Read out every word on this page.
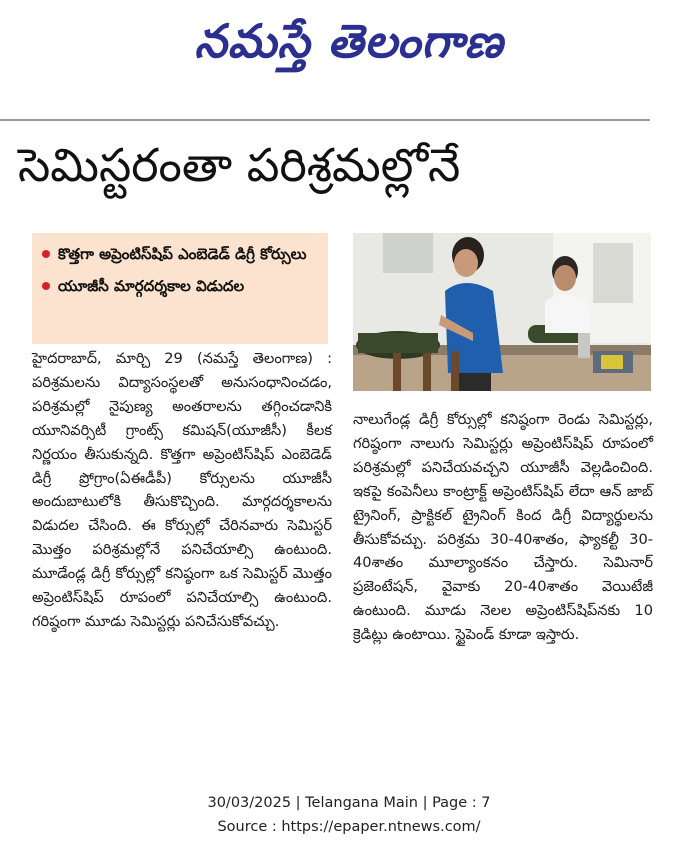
నమస్తే తెలంగాణ
సెమిస్టరంతా పరిశ్రమల్లోనే
కొత్తగా అప్రెంటిస్‌షిప్ ఎంబెడెడ్ డిగ్రీ కోర్సులు
యూజీసీ మార్గదర్శకాల విడుదల
హైదరాబాద్, మార్చి 29 (నమస్తే తెలంగాణ) : పరిశ్రమలను విద్యాసంస్థలతో అనుసంధానించడం, పరిశ్రమల్లో నైపుణ్య అంతరాలను తగ్గించడానికి యూనివర్సిటీ గ్రాంట్స్ కమిషన్(యూజీసీ) కీలక నిర్ణయం తీసుకున్నది. కొత్తగా అప్రెంటిస్‌షిప్ ఎంబెడెడ్ డిగ్రీ ప్రోగ్రాం(ఏఈడీపీ) కోర్సులను యూజీసీ అందుబాటులోకి తీసుకొచ్చింది. మార్గదర్శకాలను విడుదల చేసింది. ఈ కోర్సుల్లో చేరినవారు సెమిస్టర్ మొత్తం పరిశ్రమల్లోనే పనిచేయాల్సి ఉంటుంది. మూడేండ్ల డిగ్రీ కోర్సుల్లో కనిష్ఠంగా ఒక సెమిస్టర్ మొత్తం అప్రెంటిస్‌షిప్ రూపంలో పనిచేయాల్సి ఉంటుంది. గరిష్ఠంగా మూడు సెమిస్టర్లు పనిచేసుకోవచ్చు.
నాలుగేండ్ల డిగ్రీ కోర్సుల్లో కనిష్ఠంగా రెండు సెమిస్టర్లు, గరిష్ఠంగా నాలుగు సెమిస్టర్లు అప్రెంటిస్‌షిప్ రూపంలో పరిశ్రమల్లో పనిచేయవచ్చని యూజీసీ వెల్లడించింది. ఇకపై కంపెనీలు కాంట్రాక్ట్ అప్రెంటిస్‌షిప్ లేదా ఆన్ జాబ్ ట్రైనింగ్, ప్రాక్టికల్ ట్రైనింగ్ కింద డిగ్రీ విద్యార్థులను తీసుకోవచ్చు. పరిశ్రమ 30-40శాతం, ఫ్యాకల్టీ 30-40శాతం మూల్యాంకనం చేస్తారు. సెమినార్ ప్రజెంటేషన్, వైవాకు 20-40శాతం వెయిటేజీ ఉంటుంది. మూడు నెలల అప్రెంటిస్‌షిప్‌నకు 10 క్రెడిట్లు ఉంటాయి. స్టైపెండ్ కూడా ఇస్తారు.
30/03/2025 | Telangana Main | Page : 7
Source : https://epaper.ntnews.com/
